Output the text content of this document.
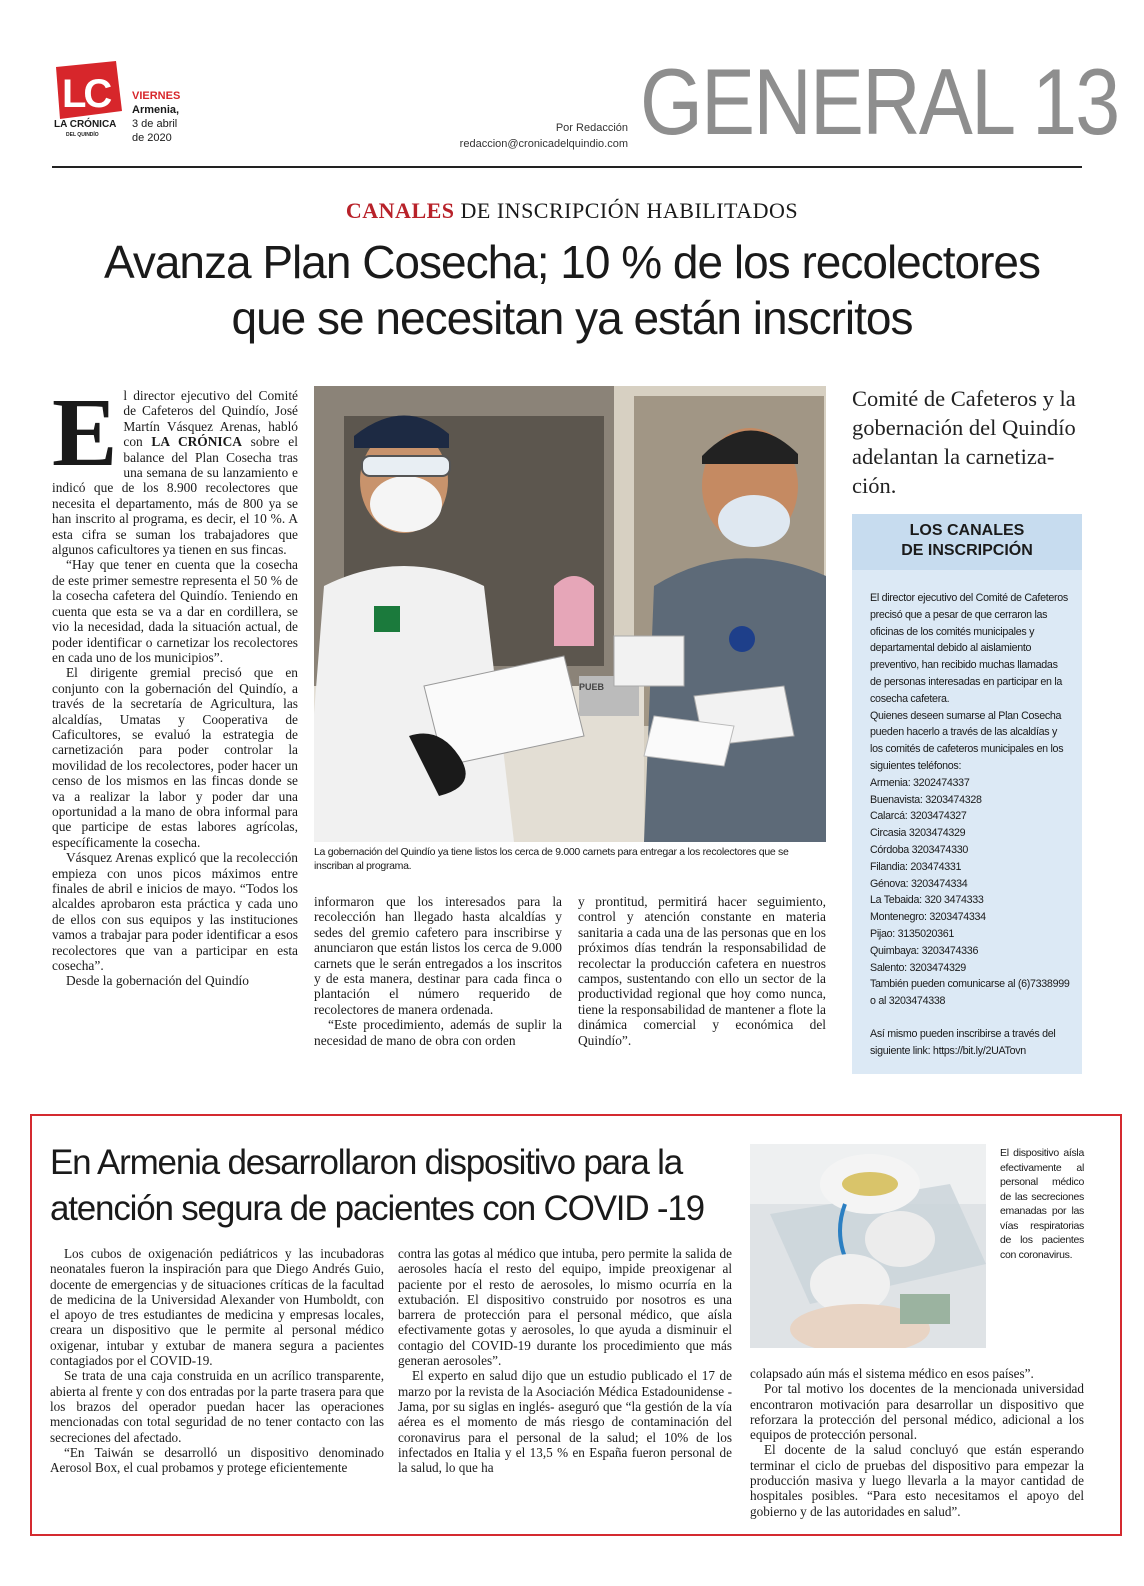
LC
LA CRÓNICA
DEL QUINDÍO
VIERNES
Armenia,
3 de abril
de 2020
Por Redacción
redaccion@cronicadelquindio.com GENERAL 13
CANALES DE INSCRIPCIÓN HABILITADOS
Avanza Plan Cosecha; 10 % de los recolectores
que se necesitan ya están inscritos

El director ejecutivo del Comité de Cafeteros del Quindío, José Martín Vásquez Arenas, habló con LA CRÓNICA sobre el balance del Plan Cosecha tras una semana de su lanzamiento e indicó que de los 8.900 recolectores que necesita el departamento, más de 800 ya se han inscrito al programa, es decir, el 10 %. A esta cifra se suman los trabajadores que algunos caficultores ya tienen en sus fincas.

“Hay que tener en cuenta que la cosecha de este primer semestre representa el 50 % de la cosecha cafetera del Quindío. Teniendo en cuenta que esta se va a dar en cordillera, se vio la necesidad, dada la situación actual, de poder identificar o carnetizar los recolectores en cada uno de los municipios”.

El dirigente gremial precisó que en conjunto con la gobernación del Quindío, a través de la secretaría de Agricultura, las alcaldías, Umatas y Cooperativa de Caficultores, se evaluó la estrategia de carnetización para poder controlar la movilidad de los recolectores, poder hacer un censo de los mismos en las fincas donde se va a realizar la labor y poder dar una oportunidad a la mano de obra informal para que participe de estas labores agrícolas, específicamente la cosecha.

Vásquez Arenas explicó que la recolección empieza con unos picos máximos entre finales de abril e inicios de mayo. “Todos los alcaldes aprobaron esta práctica y cada uno de ellos con sus equipos y las instituciones vamos a trabajar para poder identificar a esos recolectores que van a participar en esta cosecha”.

Desde la gobernación del Quindío

PUEB
La gobernación del Quindío ya tiene listos los cerca de 9.000 carnets para entregar a los recolectores que se inscriban al programa.

informaron que los interesados para la recolección han llegado hasta alcaldías y sedes del gremio cafetero para inscribirse y anunciaron que están listos los cerca de 9.000 carnets que le serán entregados a los inscritos y de esta manera, destinar para cada finca o plantación el número requerido de recolectores de manera ordenada.

“Este procedimiento, además de suplir la necesidad de mano de obra con orden

y prontitud, permitirá hacer seguimiento, control y atención constante en materia sanitaria a cada una de las personas que en los próximos días tendrán la responsabilidad de recolectar la producción cafetera en nuestros campos, sustentando con ello un sector de la productividad regional que hoy como nunca, tiene la responsabilidad de mantener a flote la dinámica comercial y económica del Quindío”.

Comité de Cafeteros y la gobernación del Quindío adelantan la carnetiza- ción.
LOS CANALES
DE INSCRIPCIÓN

El director ejecutivo del Comité de Cafeteros precisó que a pesar de que cerraron las oficinas de los comités municipales y departamental debido al aislamiento preventivo, han recibido muchas llamadas de personas interesadas en participar en la cosecha cafetera.

Quienes deseen sumarse al Plan Cosecha pueden hacerlo a través de las alcaldías y los comités de cafeteros municipales en los siguientes teléfonos:

Armenia: 3202474337
Buenavista: 3203474328
Calarcá: 3203474327
Circasia 3203474329
Córdoba 3203474330
Filandia: 203474331
Génova: 3203474334
La Tebaida: 320 3474333
Montenegro: 3203474334
Pijao: 3135020361
Quimbaya: 3203474336
Salento: 3203474329

También pueden comunicarse al (6)7338999 o al 3203474338

Así mismo pueden inscribirse a través del siguiente link: https://bit.ly/2UATovn

En Armenia desarrollaron dispositivo para la
atención segura de pacientes con COVID -19

Los cubos de oxigenación pediátricos y las incubadoras neonatales fueron la inspiración para que Diego Andrés Guio, docente de emergencias y de situaciones críticas de la facultad de medicina de la Universidad Alexander von Humboldt, con el apoyo de tres estudiantes de medicina y empresas locales, creara un dispositivo que le permite al personal médico oxigenar, intubar y extubar de manera segura a pacientes contagiados por el COVID-19.

Se trata de una caja construida en un acrílico transparente, abierta al frente y con dos entradas por la parte trasera para que los brazos del operador puedan hacer las operaciones mencionadas con total seguridad de no tener contacto con las secreciones del afectado.

“En Taiwán se desarrolló un dispositivo denominado Aerosol Box, el cual probamos y protege eficientemente

contra las gotas al médico que intuba, pero permite la salida de aerosoles hacía el resto del equipo, impide preoxigenar al paciente por el resto de aerosoles, lo mismo ocurría en la extubación. El dispositivo construido por nosotros es una barrera de protección para el personal médico, que aísla efectivamente gotas y aerosoles, lo que ayuda a disminuir el contagio del COVID-19 durante los procedimiento que más generan aerosoles”.

El experto en salud dijo que un estudio publicado el 17 de marzo por la revista de la Asociación Médica Estadounidense -Jama, por su siglas en inglés- aseguró que “la gestión de la vía aérea es el momento de más riesgo de contaminación del coronavirus para el personal de la salud; el 10% de los infectados en Italia y el 13,5 % en España fueron personal de la salud, lo que ha

El dispositivo aísla efectivamente al personal médico de las secreciones emanadas por las vías respiratorias de los pacientes con coronavirus.

colapsado aún más el sistema médico en esos países”.

Por tal motivo los docentes de la mencionada universidad encontraron motivación para desarrollar un dispositivo que reforzara la protección del personal médico, adicional a los equipos de protección personal.

El docente de la salud concluyó que están esperando terminar el ciclo de pruebas del dispositivo para empezar la producción masiva y luego llevarla a la mayor cantidad de hospitales posibles. “Para esto necesitamos el apoyo del gobierno y de las autoridades en salud”.
